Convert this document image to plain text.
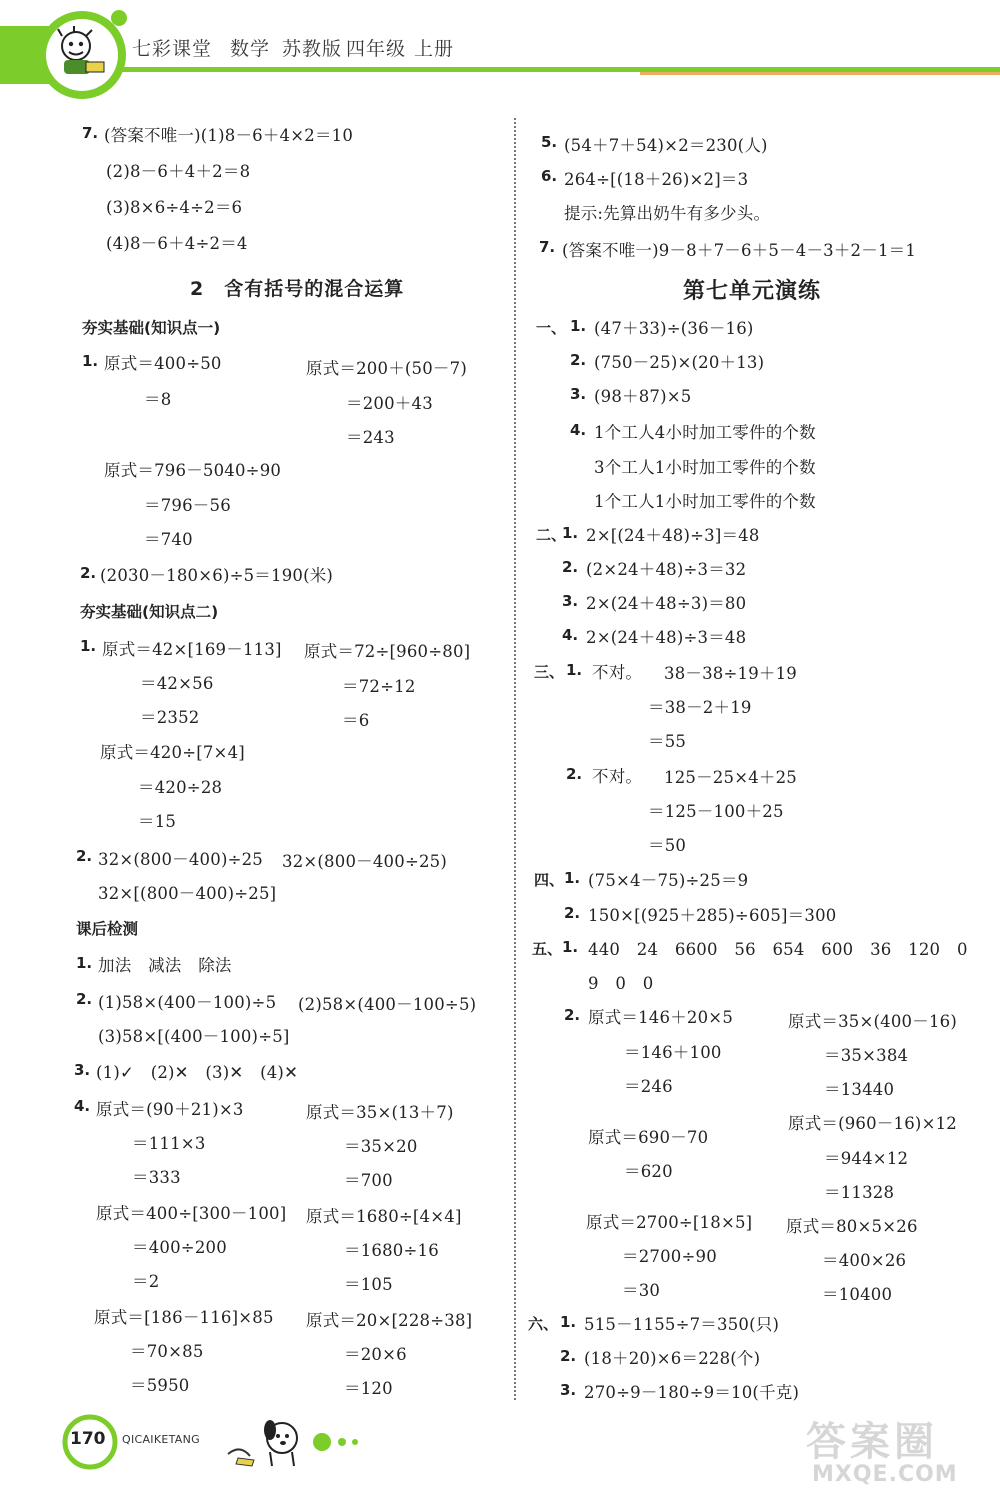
七彩课堂 数学 苏教版 四年级 上册
7. (答案不唯一)(1)8－6＋4×2＝10
(2)8－6＋4＋2＝8
(3)8×6÷4÷2＝6
(4)8－6＋4÷2＝4
2　含有括号的混合运算
夯实基础(知识点一)
1. 原式＝400÷50
＝8
原式＝200＋(50－7)
＝200＋43
＝243
原式＝796－5040÷90
＝796－56
＝740
2. (2030－180×6)÷5＝190(米)
夯实基础(知识点二)
1. 原式＝42×[169－113]
＝42×56
＝2352
原式＝72÷[960÷80]
＝72÷12
＝6
原式＝420÷[7×4]
＝420÷28
＝15
2. 32×(800－400)÷25 32×(800－400÷25)
32×[(800－400)÷25]
课后检测
1. 加法　减法　除法
2. (1)58×(400－100)÷5 (2)58×(400－100÷5)
(3)58×[(400－100)÷5]
3. (1)✓　(2)✕　(3)✕　(4)✕
4. 原式＝(90＋21)×3
＝111×3
＝333
原式＝35×(13＋7)
＝35×20
＝700
原式＝400÷[300－100]
＝400÷200
＝2
原式＝1680÷[4×4]
＝1680÷16
＝105
原式＝[186－116]×85
＝70×85
＝5950
原式＝20×[228÷38]
＝20×6
＝120
5. (54＋7＋54)×2＝230(人)
6. 264÷[(18＋26)×2]＝3
提示:先算出奶牛有多少头。
7. (答案不唯一)9－8＋7－6＋5－4－3＋2－1＝1
第七单元演练
一、 1. (47＋33)÷(36－16)
2. (750－25)×(20＋13)
3. (98＋87)×5
4. 1个工人4小时加工零件的个数
3个工人1小时加工零件的个数
1个工人1小时加工零件的个数
二、
1. 2×[(24＋48)÷3]＝48
2. (2×24＋48)÷3＝32
3. 2×(24＋48÷3)＝80
4. 2×(24＋48)÷3＝48
三、 1. 不对。 38－38÷19＋19
＝38－2＋19
＝55
2. 不对。 125－25×4＋25
＝125－100＋25
＝50
四、 1. (75×4－75)÷25＝9
2. 150×[(925＋285)÷605]＝300
五、 1. 440　24　6600　56　654　600　36　120　0
9　0　0
2. 原式＝146＋20×5
＝146＋100
＝246
原式＝690－70
＝620
原式＝2700÷[18×5]
＝2700÷90
＝30
原式＝35×(400－16)
＝35×384
＝13440
原式＝(960－16)×12
＝944×12
＝11328
原式＝80×5×26
＝400×26
＝10400
六、 1. 515－1155÷7＝350(只)
2. (18＋20)×6＝228(个)
3. 270÷9－180÷9＝10(千克)
170 QICAIKETANG	答案圈
MXQE.COM
